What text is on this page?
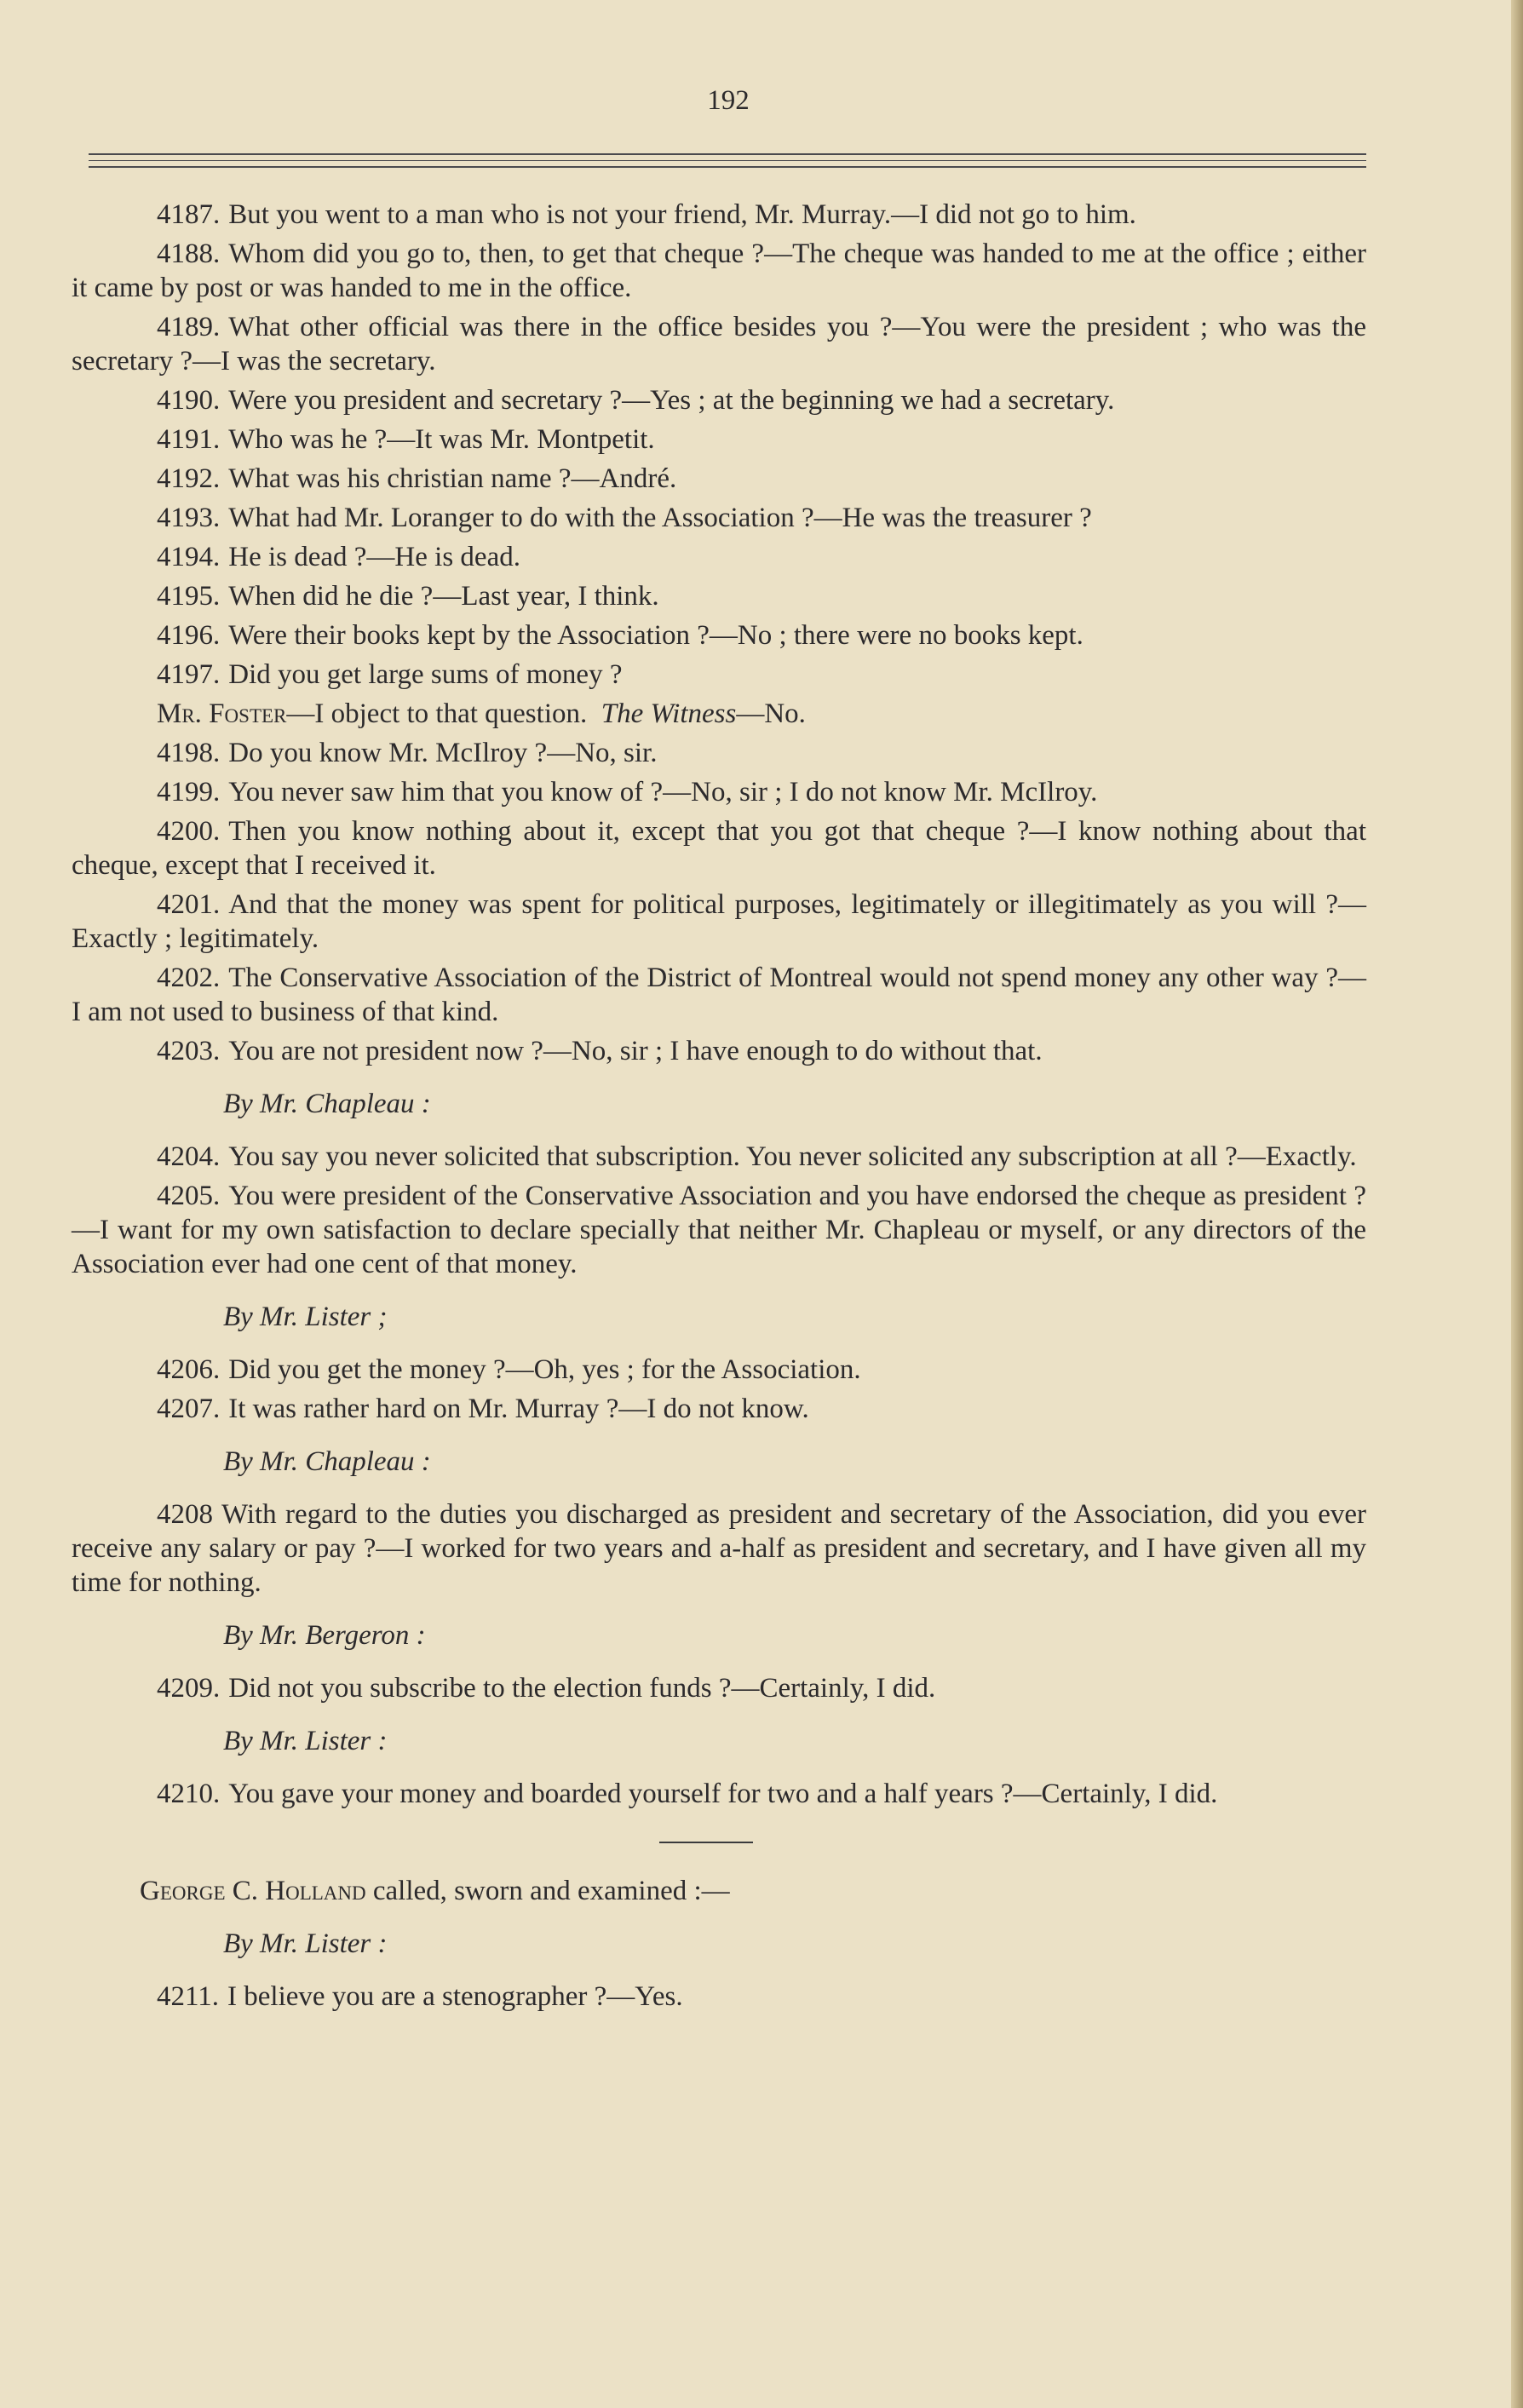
192

4187. But you went to a man who is not your friend, Mr. Murray.—I did not go to him.

4188. Whom did you go to, then, to get that cheque ?—The cheque was handed to me at the office ; either it came by post or was handed to me in the office.

4189. What other official was there in the office besides you ?—You were the president ; who was the secretary ?—I was the secretary.

4190. Were you president and secretary ?—Yes ; at the beginning we had a secretary.

4191. Who was he ?—It was Mr. Montpetit.

4192. What was his christian name ?—André.

4193. What had Mr. Loranger to do with the Association ?—He was the treasurer ?

4194. He is dead ?—He is dead.

4195. When did he die ?—Last year, I think.

4196. Were their books kept by the Association ?—No ; there were no books kept.

4197. Did you get large sums of money ?

Mr. Foster—I object to that question. The Witness—No.

4198. Do you know Mr. McIlroy ?—No, sir.

4199. You never saw him that you know of ?—No, sir ; I do not know Mr. McIlroy.

4200. Then you know nothing about it, except that you got that cheque ?—I know nothing about that cheque, except that I received it.

4201. And that the money was spent for political purposes, legitimately or illegitimately as you will ?—Exactly ; legitimately.

4202. The Conservative Association of the District of Montreal would not spend money any other way ?—I am not used to business of that kind.

4203. You are not president now ?—No, sir ; I have enough to do without that.

By Mr. Chapleau :

4204. You say you never solicited that subscription. You never solicited any subscription at all ?—Exactly.

4205. You were president of the Conservative Association and you have endorsed the cheque as president ?—I want for my own satisfaction to declare specially that neither Mr. Chapleau or myself, or any directors of the Association ever had one cent of that money.

By Mr. Lister ;

4206. Did you get the money ?—Oh, yes ; for the Association.

4207. It was rather hard on Mr. Murray ?—I do not know.

By Mr. Chapleau :

4208 With regard to the duties you discharged as president and secretary of the Association, did you ever receive any salary or pay ?—I worked for two years and a-half as president and secretary, and I have given all my time for nothing.

By Mr. Bergeron :

4209. Did not you subscribe to the election funds ?—Certainly, I did.

By Mr. Lister :

4210. You gave your money and boarded yourself for two and a half years ?—Certainly, I did.

George C. Holland called, sworn and examined :—

By Mr. Lister :

4211. I believe you are a stenographer ?—Yes.
